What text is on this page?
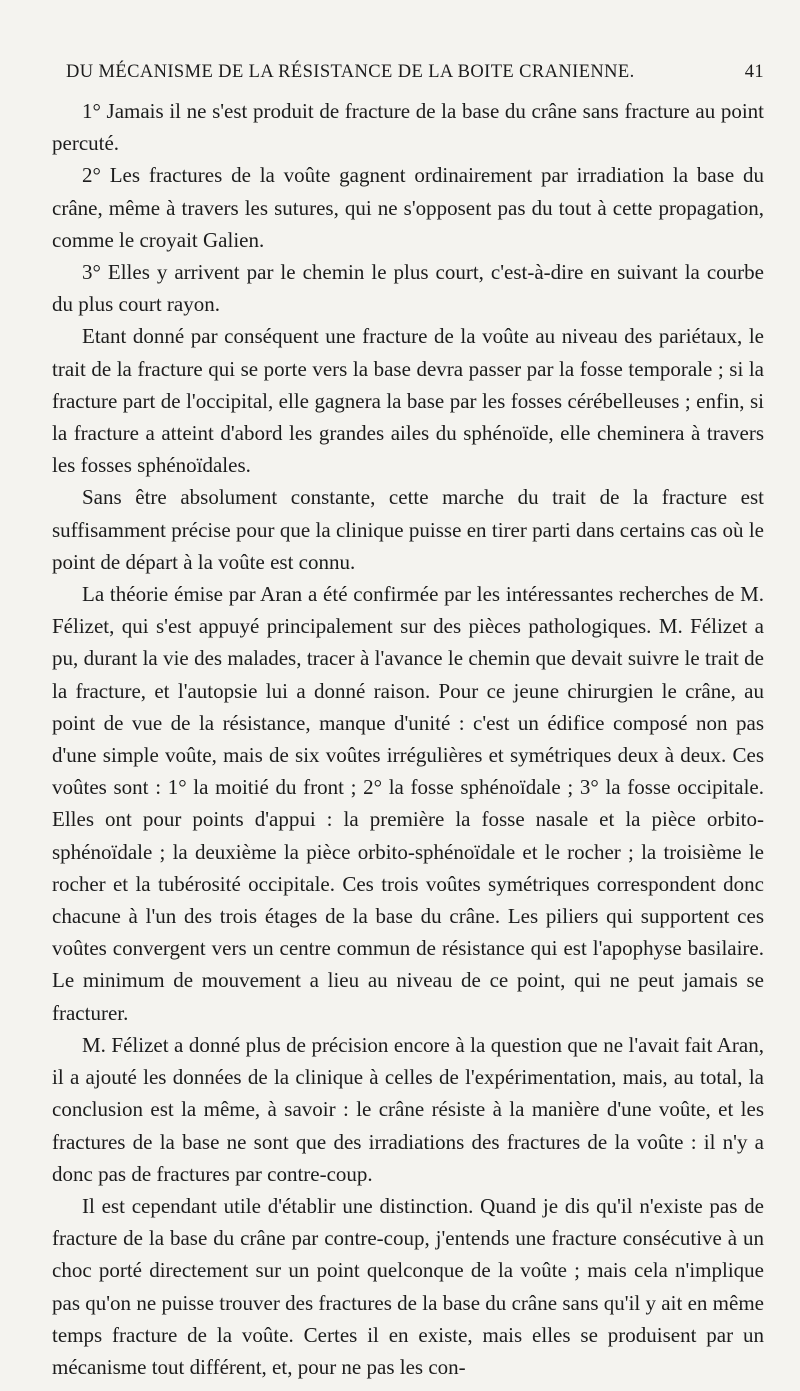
DU MÉCANISME DE LA RÉSISTANCE DE LA BOITE CRANIENNE.	41

1° Jamais il ne s'est produit de fracture de la base du crâne sans fracture au point percuté.

2° Les fractures de la voûte gagnent ordinairement par irradiation la base du crâne, même à travers les sutures, qui ne s'opposent pas du tout à cette propagation, comme le croyait Galien.

3° Elles y arrivent par le chemin le plus court, c'est-à-dire en suivant la courbe du plus court rayon.

Etant donné par conséquent une fracture de la voûte au niveau des pariétaux, le trait de la fracture qui se porte vers la base devra passer par la fosse temporale ; si la fracture part de l'occipital, elle gagnera la base par les fosses cérébelleuses ; enfin, si la fracture a atteint d'abord les grandes ailes du sphénoïde, elle cheminera à travers les fosses sphénoïdales.

Sans être absolument constante, cette marche du trait de la fracture est suffisamment précise pour que la clinique puisse en tirer parti dans certains cas où le point de départ à la voûte est connu.

La théorie émise par Aran a été confirmée par les intéressantes recherches de M. Félizet, qui s'est appuyé principalement sur des pièces pathologiques. M. Félizet a pu, durant la vie des malades, tracer à l'avance le chemin que devait suivre le trait de la fracture, et l'autopsie lui a donné raison. Pour ce jeune chirurgien le crâne, au point de vue de la résistance, manque d'unité : c'est un édifice composé non pas d'une simple voûte, mais de six voûtes irrégulières et symétriques deux à deux. Ces voûtes sont : 1° la moitié du front ; 2° la fosse sphénoïdale ; 3° la fosse occipitale. Elles ont pour points d'appui : la première la fosse nasale et la pièce orbito-sphénoïdale ; la deuxième la pièce orbito-sphénoïdale et le rocher ; la troisième le rocher et la tubérosité occipitale. Ces trois voûtes symétriques correspondent donc chacune à l'un des trois étages de la base du crâne. Les piliers qui supportent ces voûtes convergent vers un centre commun de résistance qui est l'apophyse basilaire. Le minimum de mouvement a lieu au niveau de ce point, qui ne peut jamais se fracturer.

M. Félizet a donné plus de précision encore à la question que ne l'avait fait Aran, il a ajouté les données de la clinique à celles de l'expérimentation, mais, au total, la conclusion est la même, à savoir : le crâne résiste à la manière d'une voûte, et les fractures de la base ne sont que des irradiations des fractures de la voûte : il n'y a donc pas de fractures par contre-coup.

Il est cependant utile d'établir une distinction. Quand je dis qu'il n'existe pas de fracture de la base du crâne par contre-coup, j'entends une fracture consécutive à un choc porté directement sur un point quelconque de la voûte ; mais cela n'implique pas qu'on ne puisse trouver des fractures de la base du crâne sans qu'il y ait en même temps fracture de la voûte. Certes il en existe, mais elles se produisent par un mécanisme tout différent, et, pour ne pas les con-
